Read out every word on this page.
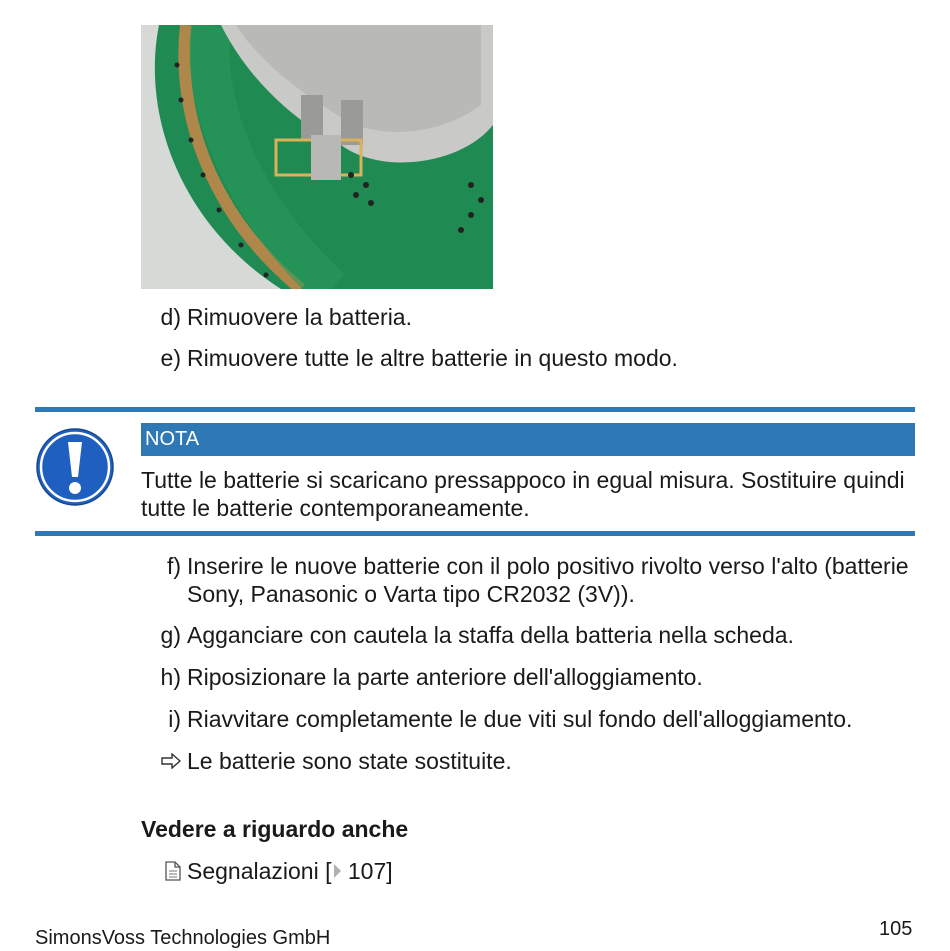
d) Rimuovere la batteria.
e) Rimuovere tutte le altre batterie in questo modo.
NOTA
Tutte le batterie si scaricano pressappoco in egual misura. Sostituire quindi tutte le batterie contemporaneamente.
f) Inserire le nuove batterie con il polo positivo rivolto verso l'alto (batterie Sony, Panasonic o Varta tipo CR2032 (3V)).
g) Agganciare con cautela la staffa della batteria nella scheda.
h) Riposizionare la parte anteriore dell'alloggiamento.
i) Riavvitare completamente le due viti sul fondo dell'alloggiamento.
Le batterie sono state sostituite.
Vedere a riguardo anche
Segnalazioni [ 107]
SimonsVoss Technologies GmbH	105
